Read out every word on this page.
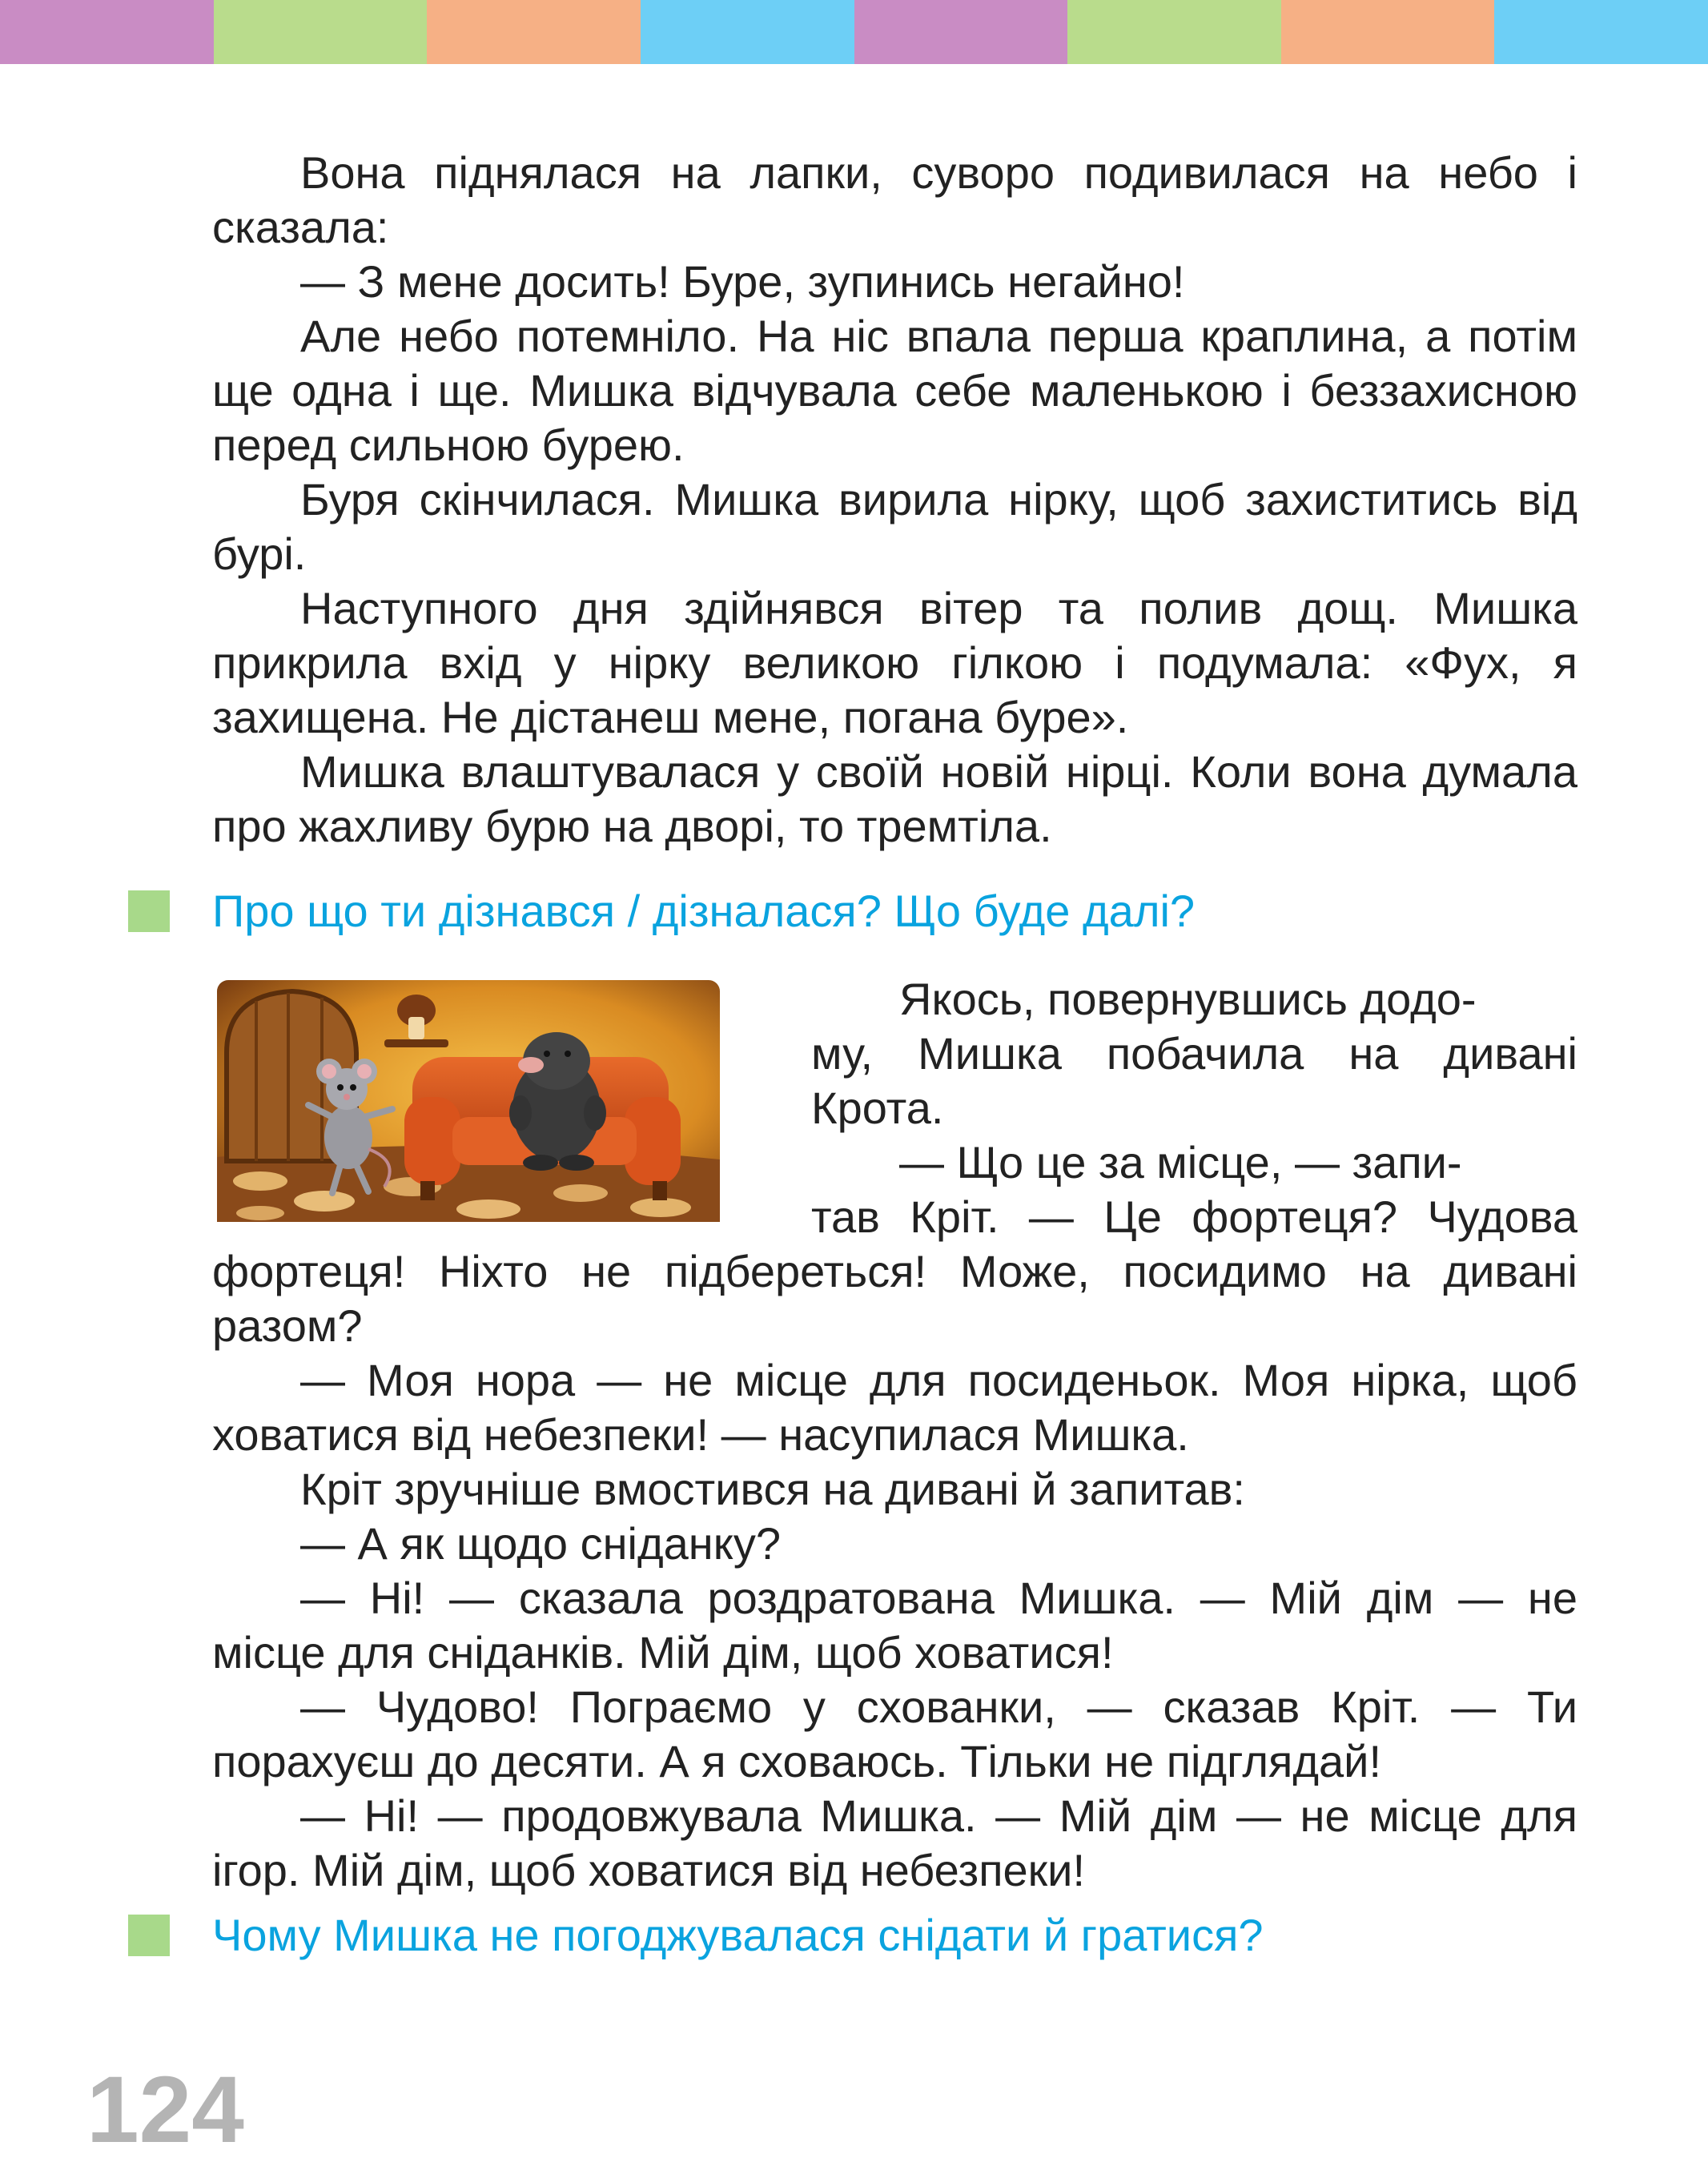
Вона піднялася на лапки, суворо подивилася на небо і сказала:

— З мене досить! Буре, зупинись негайно!

Але небо потемніло. На ніс впала перша краплина, а потім ще одна і ще. Мишка відчувала себе маленькою і беззахисною перед сильною бурею.

Буря скінчилася. Мишка вирила нірку, щоб захиститись від бурі.

Наступного дня здійнявся вітер та полив дощ. Мишка прикрила вхід у нірку великою гілкою і подумала: «Фух, я захищена. Не дістанеш мене, погана буре».

Мишка влаштувалася у своїй новій нірці. Коли вона думала про жахливу бурю на дворі, то тремтіла.

Про що ти дізнався / дізналася? Що буде далі?

Якось, повернувшись додо-

му, Мишка побачила на дивані

Крота.

— Що це за місце, — запи-

тав Кріт. — Це фортеця? Чудова

фортеця! Ніхто не підбереться! Може, посидимо на дивані разом?

— Моя нора — не місце для посиденьок. Моя нірка, щоб ховатися від небезпеки! — насупилася Мишка.

Кріт зручніше вмостився на дивані й запитав:

— А як щодо сніданку?

— Ні! — сказала роздратована Мишка. — Мій дім — не місце для сніданків. Мій дім, щоб ховатися!

— Чудово! Пограємо у схованки, — сказав Кріт. — Ти порахуєш до десяти. А я сховаюсь. Тільки не підглядай!

— Ні! — продовжувала Мишка. — Мій дім — не місце для ігор. Мій дім, щоб ховатися від небезпеки!

Чому Мишка не погоджувалася снідати й гратися?
124
